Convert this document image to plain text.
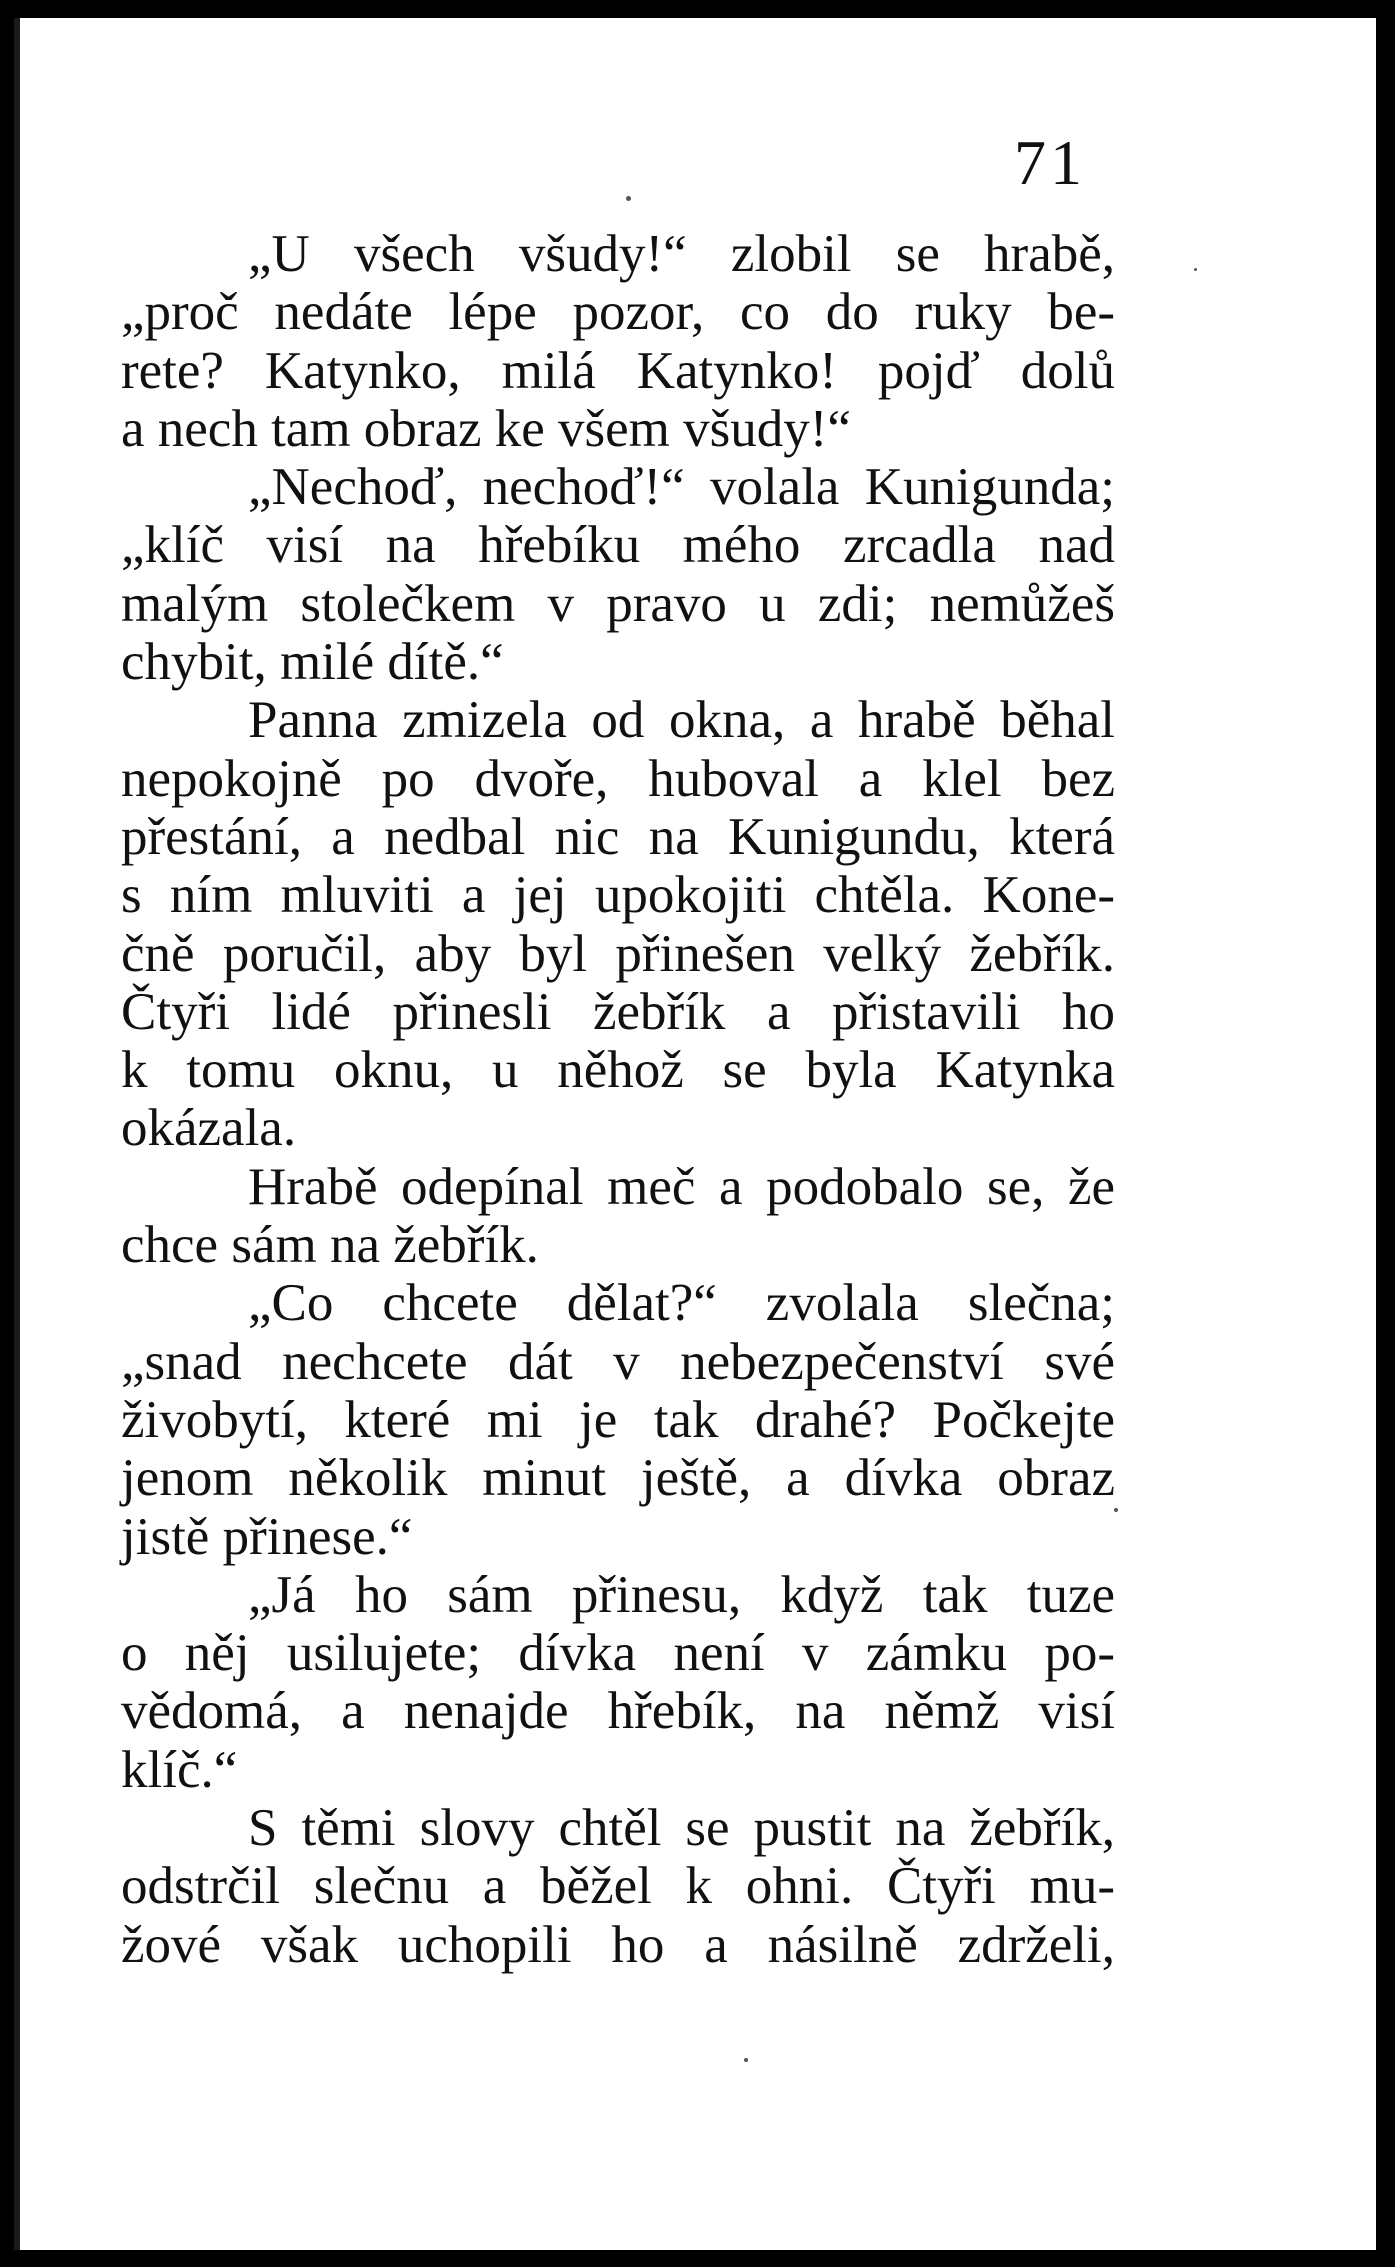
71

„U všech všudy!“ zlobil se hrabě,
„proč nedáte lépe pozor, co do ruky be-
rete? Katynko, milá Katynko! pojď dolů
a nech tam obraz ke všem všudy!“
„Nechoď, nechoď!“ volala Kunigunda;
„klíč visí na hřebíku mého zrcadla nad
malým stolečkem v pravo u zdi; nemůžeš
chybit, milé dítě.“
Panna zmizela od okna, a hrabě běhal
nepokojně po dvoře, huboval a klel bez
přestání, a nedbal nic na Kunigundu, která
s ním mluviti a jej upokojiti chtěla. Kone-
čně poručil, aby byl přinešen velký žebřík.
Čtyři lidé přinesli žebřík a přistavili ho
k tomu oknu, u něhož se byla Katynka
okázala.
Hrabě odepínal meč a podobalo se, že
chce sám na žebřík.
„Co chcete dělat?“ zvolala slečna;
„snad nechcete dát v nebezpečenství své
živobytí, které mi je tak drahé? Počkejte
jenom několik minut ještě, a dívka obraz
jistě přinese.“
„Já ho sám přinesu, když tak tuze
o něj usilujete; dívka není v zámku po-
vědomá, a nenajde hřebík, na němž visí
klíč.“
S těmi slovy chtěl se pustit na žebřík,
odstrčil slečnu a běžel k ohni. Čtyři mu-
žové však uchopili ho a násilně zdrželi,
